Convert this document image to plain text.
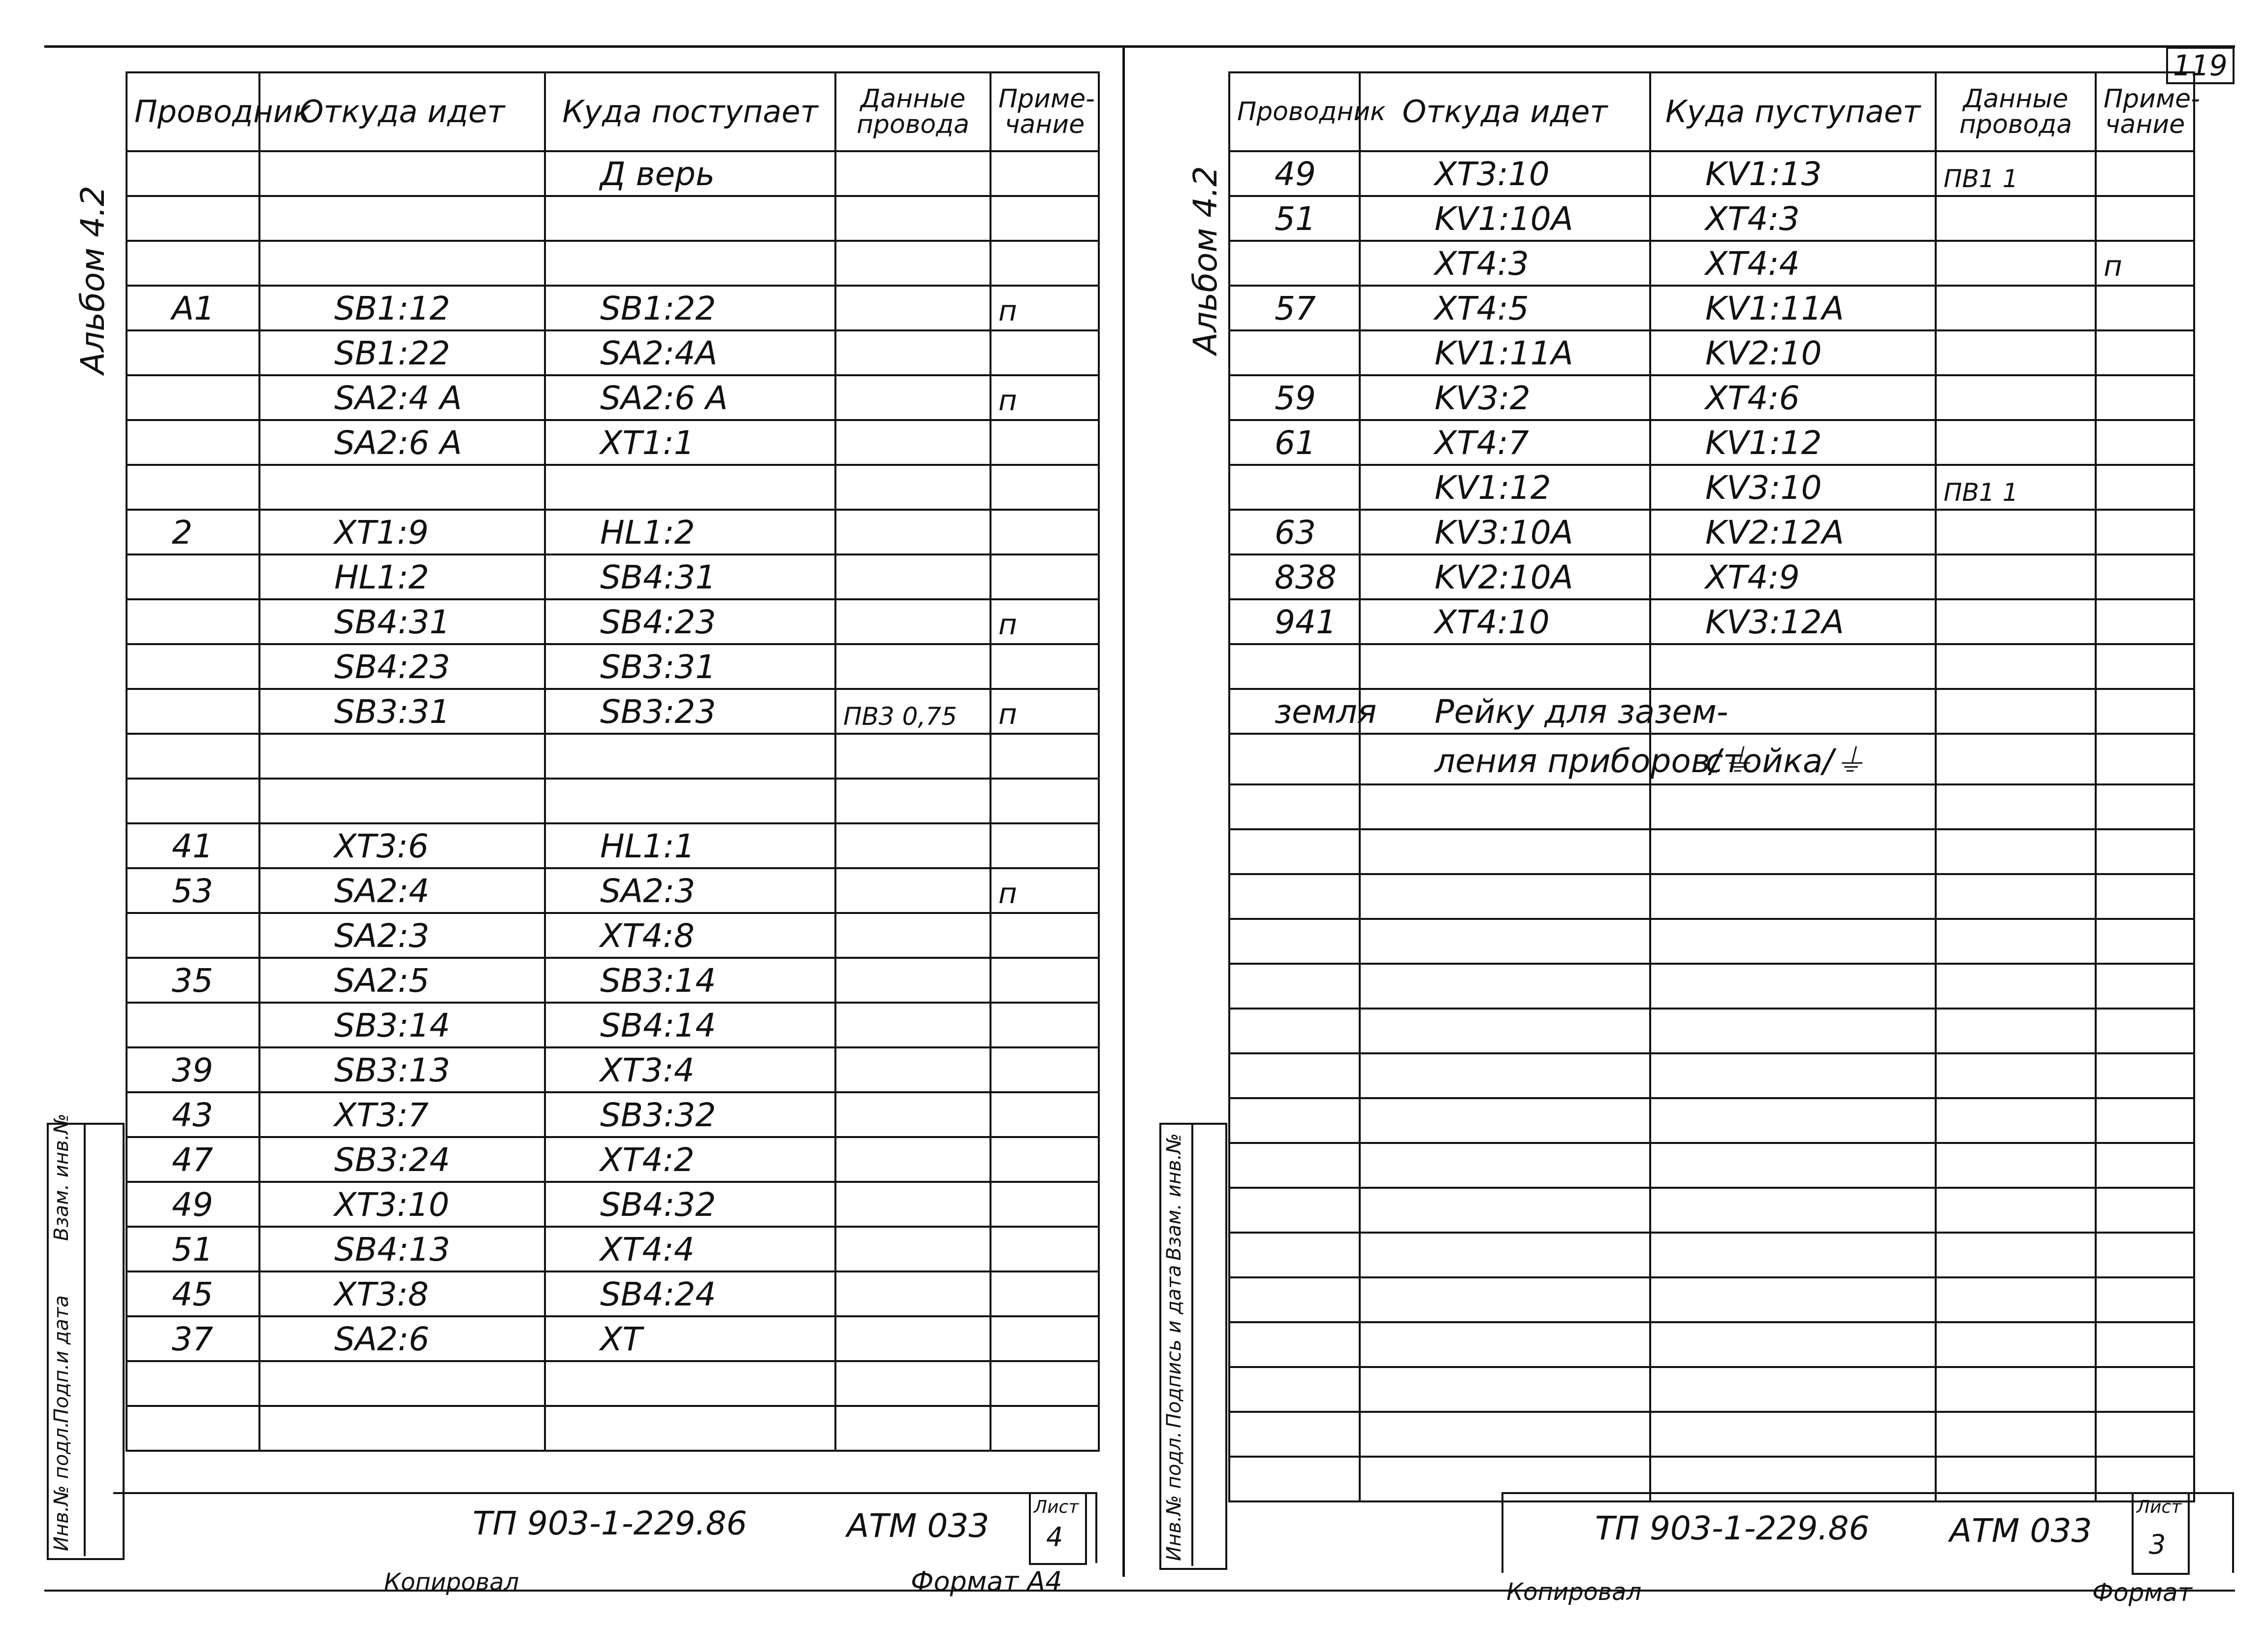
119
Альбом 4.2	Альбом 4.2
Проводник	Откуда идет	Куда поступает	Данные провода	Приме-чание
		Д верь		

А1	SB1:12	SB1:22		п
	SB1:22	SA2:4А		
	SA2:4 А	SA2:6 А		п
	SA2:6 А	XT1:1		

2	XT1:9	HL1:2		
	HL1:2	SB4:31		
	SB4:31	SB4:23		п
	SB4:23	SB3:31		
	SB3:31	SB3:23	ПВ3 0,75	п

41	XT3:6	HL1:1		
53	SA2:4	SA2:3		п
	SA2:3	XT4:8		
35	SA2:5	SB3:14		
	SB3:14	SB4:14		
39	SB3:13	XT3:4		
43	XT3:7	SB3:32		
47	SB3:24	XT4:2		
49	XT3:10	SB4:32		
51	SB4:13	XT4:4		
45	XT3:8	SB4:24		
37	SA2:6	XT		

Проводник	Откуда идет	Куда пуступает	Данные провода	Приме-чание
49	XT3:10	KV1:13	ПВ1 1	
51	KV1:10А	XT4:3		
	XT4:3	XT4:4		п
57	XT4:5	KV1:11А		
	KV1:11А	KV2:10		
59	KV3:2	XT4:6		
61	XT4:7	KV1:12		
	KV1:12	KV3:10	ПВ1 1	
63	KV3:10А	KV2:12А		
838	KV2:10А	XT4:9		
941	XT4:10	KV3:12А		

земля	Рейку для зазем-			
	ления приборов/⏚	стойка/⏚		

Инв.№ подл.
Подп.и дата
Взам. инв.№
Инв.№ подл.
Подпись и дата
Взам. инв.№
ТП 903-1-229.86	АТМ 033	Лист
4
Копировал	Формат А4
ТП 903-1-229.86 АТМ 033
Лист
3
Копировал	Формат
